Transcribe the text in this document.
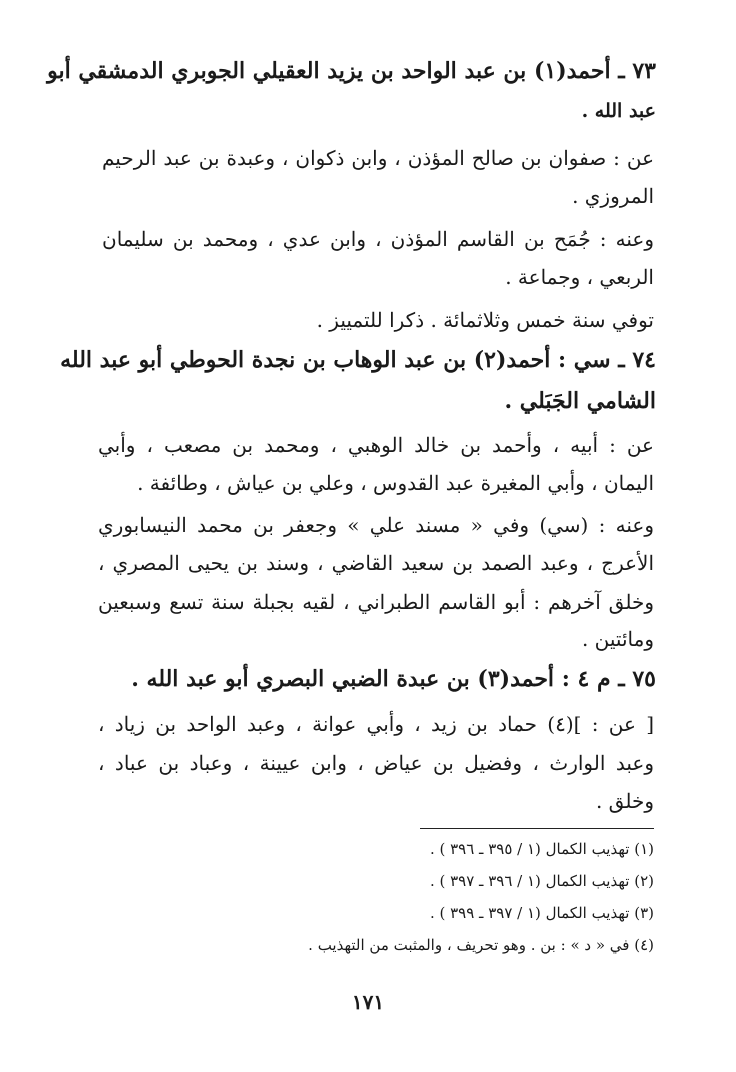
٧٣ ـ أحمد(١) بن عبد الواحد بن يزيد العقيلي الجوبري الدمشقي أبو
عبد الله .
عن : صفوان بن صالح المؤذن ، وابن ذكوان ، وعبدة بن عبد الرحيم
المروزي .
وعنه : جُمَح بن القاسم المؤذن ، وابن عدي ، ومحمد بن سليمان
الربعي ، وجماعة .
توفي سنة خمس وثلاثمائة . ذكرا للتمييز .
٧٤ ـ سي : أحمد(٢) بن عبد الوهاب بن نجدة الحوطي أبو عبد الله
الشامي الجَبَلي .
عن : أبيه ، وأحمد بن خالد الوهبي ، ومحمد بن مصعب ، وأبي
اليمان ، وأبي المغيرة عبد القدوس ، وعلي بن عياش ، وطائفة .
وعنه : (سي) وفي « مسند علي » وجعفر بن محمد النيسابوري
الأعرج ، وعبد الصمد بن سعيد القاضي ، وسند بن يحيى المصري ،
وخلق آخرهم : أبو القاسم الطبراني ، لقيه بجبلة سنة تسع وسبعين
ومائتين .
٧٥ ـ م ٤ : أحمد(٣) بن عبدة الضبي البصري أبو عبد الله .
[ عن : ](٤) حماد بن زيد ، وأبي عوانة ، وعبد الواحد بن زياد ،
وعبد الوارث ، وفضيل بن عياض ، وابن عيينة ، وعباد بن عباد ،
وخلق .
(١) تهذيب الكمال (١ / ٣٩٥ ـ ٣٩٦ ) .
(٢) تهذيب الكمال (١ / ٣٩٦ ـ ٣٩٧ ) .
(٣) تهذيب الكمال (١ / ٣٩٧ ـ ٣٩٩ ) .
(٤) في « د » : بن . وهو تحريف ، والمثبت من التهذيب .
١٧١
